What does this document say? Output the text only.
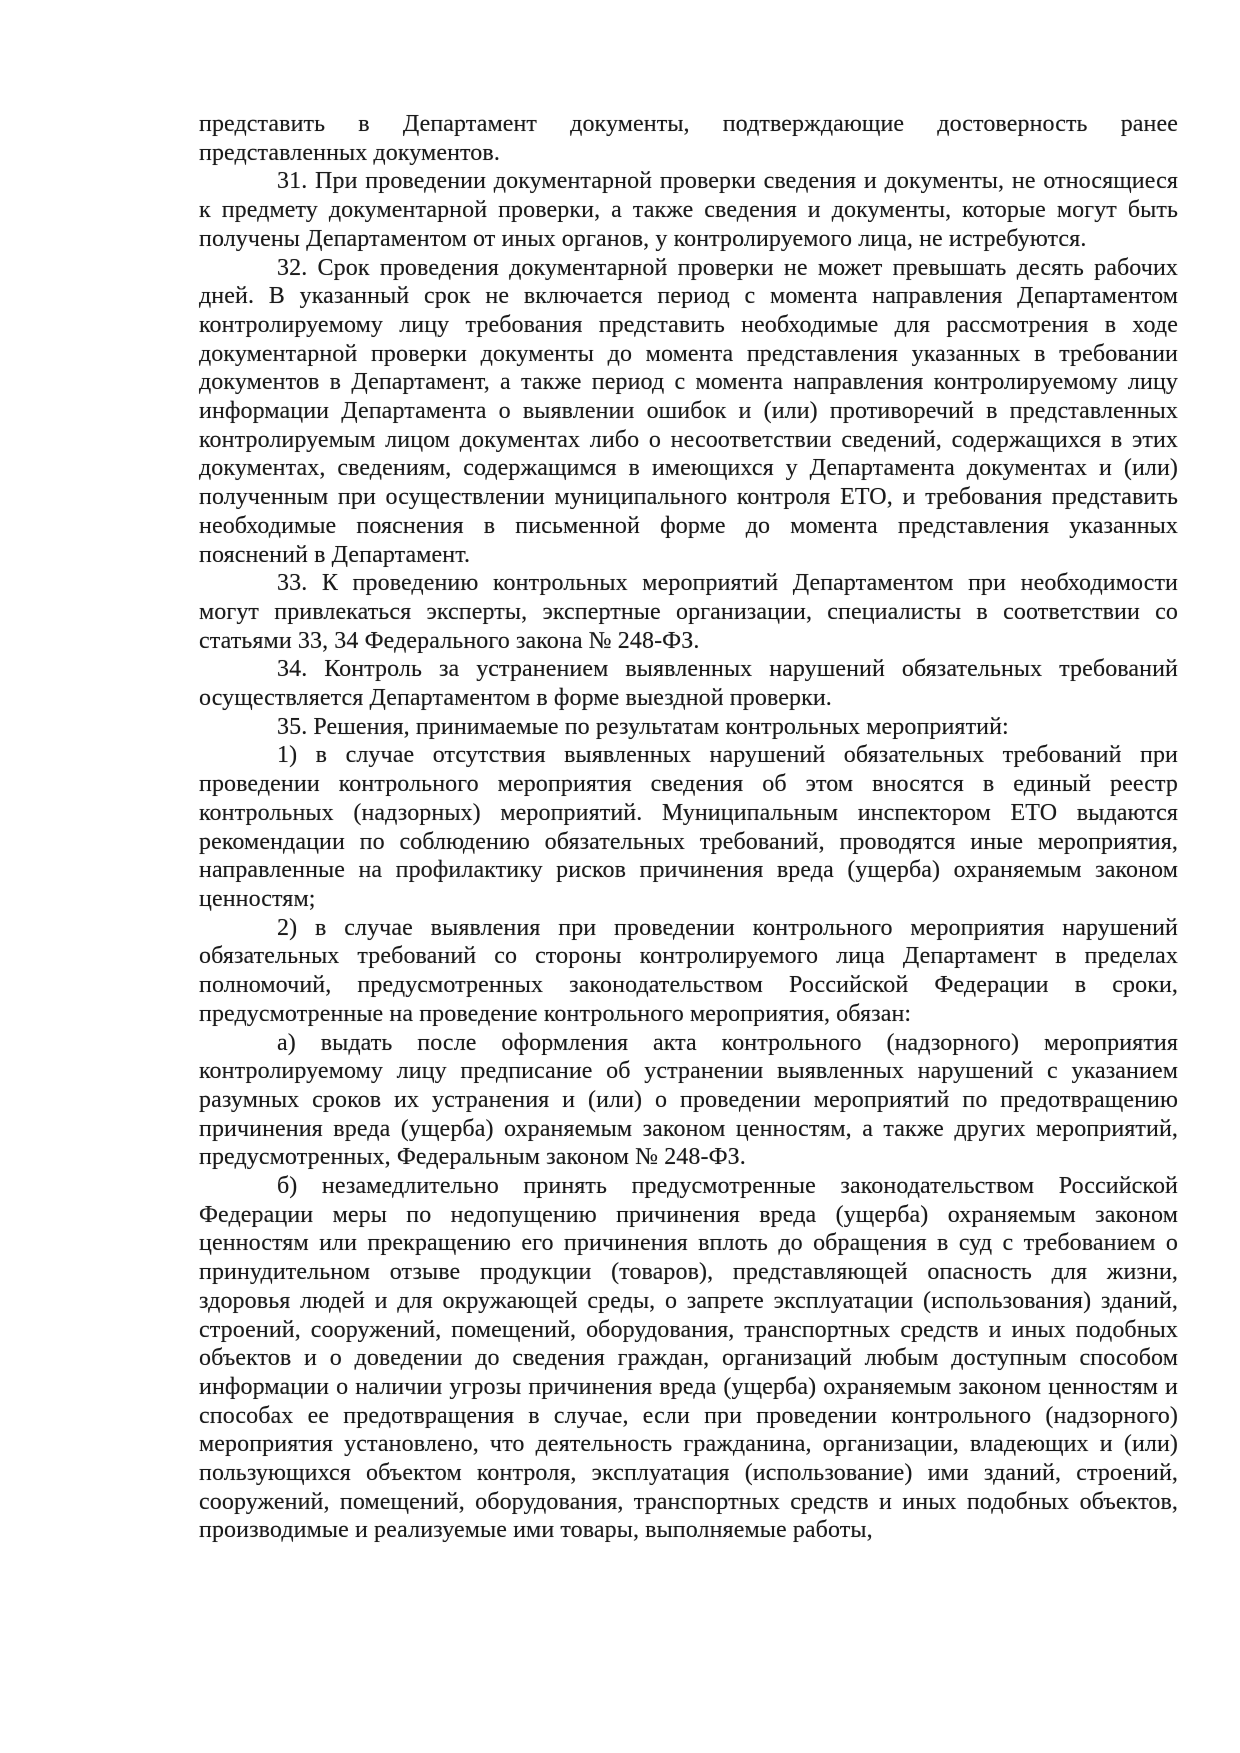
представить в Департамент документы, подтверждающие достоверность ранее представленных документов.

31. При проведении документарной проверки сведения и документы, не относящиеся к предмету документарной проверки, а также сведения и документы, которые могут быть получены Департаментом от иных органов, у контролируемого лица, не истребуются.

32. Срок проведения документарной проверки не может превышать десять рабочих дней. В указанный срок не включается период с момента направления Департаментом контролируемому лицу требования представить необходимые для рассмотрения в ходе документарной проверки документы до момента представления указанных в требовании документов в Департамент, а также период с момента направления контролируемому лицу информации Департамента о выявлении ошибок и (или) противоречий в представленных контролируемым лицом документах либо о несоответствии сведений, содержащихся в этих документах, сведениям, содержащимся в имеющихся у Департамента документах и (или) полученным при осуществлении муниципального контроля ЕТО, и требования представить необходимые пояснения в письменной форме до момента представления указанных пояснений в Департамент.

33. К проведению контрольных мероприятий Департаментом при необходимости могут привлекаться эксперты, экспертные организации, специалисты в соответствии со статьями 33, 34 Федерального закона № 248-ФЗ.

34. Контроль за устранением выявленных нарушений обязательных требований осуществляется Департаментом в форме выездной проверки.

35. Решения, принимаемые по результатам контрольных мероприятий:

1) в случае отсутствия выявленных нарушений обязательных требований при проведении контрольного мероприятия сведения об этом вносятся в единый реестр контрольных (надзорных) мероприятий. Муниципальным инспектором ЕТО выдаются рекомендации по соблюдению обязательных требований, проводятся иные мероприятия, направленные на профилактику рисков причинения вреда (ущерба) охраняемым законом ценностям;

2) в случае выявления при проведении контрольного мероприятия нарушений обязательных требований со стороны контролируемого лица Департамент в пределах полномочий, предусмотренных законодательством Российской Федерации в сроки, предусмотренные на проведение контрольного мероприятия, обязан:

а) выдать после оформления акта контрольного (надзорного) мероприятия контролируемому лицу предписание об устранении выявленных нарушений с указанием разумных сроков их устранения и (или) о проведении мероприятий по предотвращению причинения вреда (ущерба) охраняемым законом ценностям, а также других мероприятий, предусмотренных, Федеральным законом № 248-ФЗ.

б) незамедлительно принять предусмотренные законодательством Российской Федерации меры по недопущению причинения вреда (ущерба) охраняемым законом ценностям или прекращению его причинения вплоть до обращения в суд с требованием о принудительном отзыве продукции (товаров), представляющей опасность для жизни, здоровья людей и для окружающей среды, о запрете эксплуатации (использования) зданий, строений, сооружений, помещений, оборудования, транспортных средств и иных подобных объектов и о доведении до сведения граждан, организаций любым доступным способом информации о наличии угрозы причинения вреда (ущерба) охраняемым законом ценностям и способах ее предотвращения в случае, если при проведении контрольного (надзорного) мероприятия установлено, что деятельность гражданина, организации, владеющих и (или) пользующихся объектом контроля, эксплуатация (использование) ими зданий, строений, сооружений, помещений, оборудования, транспортных средств и иных подобных объектов, производимые и реализуемые ими товары, выполняемые работы,
